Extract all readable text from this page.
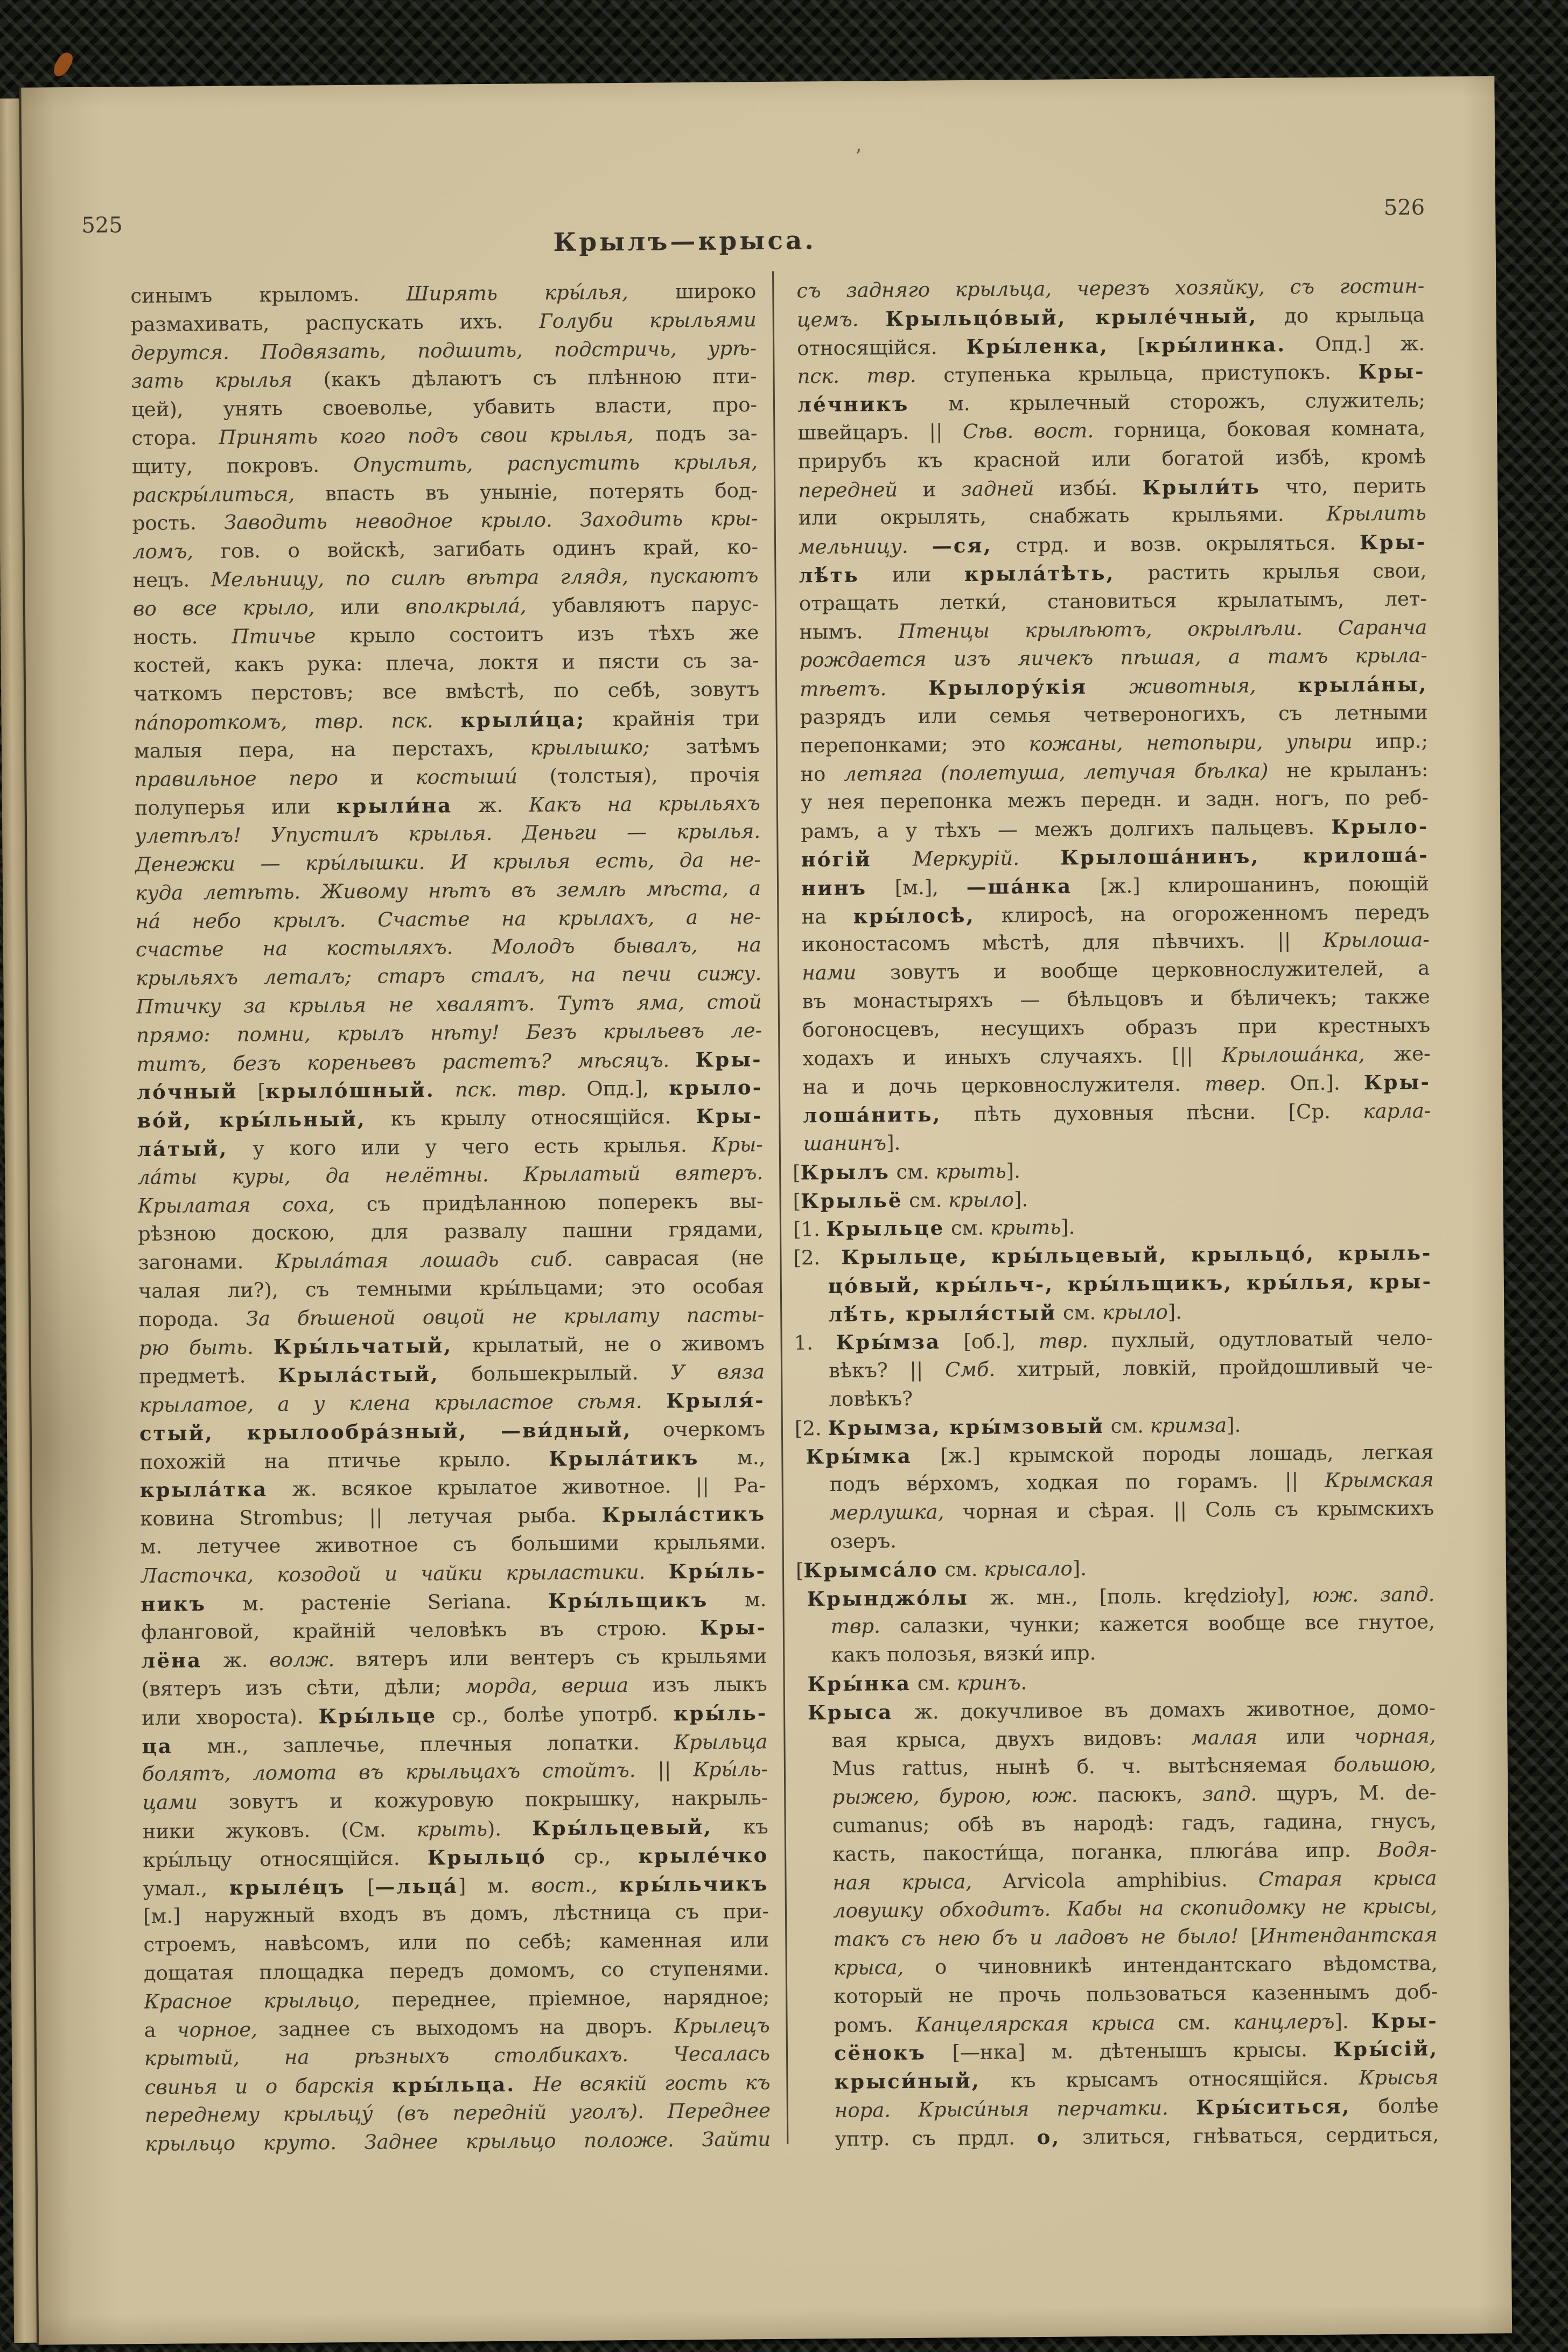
525
Крылъ—крыса.
526
’
синымъ крыломъ. Ширять кры́лья, широко
размахивать, распускать ихъ. Голуби крыльями
дерутся. Подвязать, подшить, подстричь, урѣ-
зать крылья (какъ дѣлаютъ съ плѣнною пти-
цей), унять своеволье, убавить власти, про-
стора. Принять кого подъ свои крылья, подъ за-
щиту, покровъ. Опустить, распустить крылья,
раскры́литься, впасть въ уныніе, потерять бод-
рость. Заводить неводное крыло. Заходить кры-
ломъ, гов. о войскѣ, загибать одинъ край, ко-
нецъ. Мельницу, по силѣ вѣтра глядя, пускаютъ
во все крыло, или вполкрыла́, убавляютъ парус-
ность. Птичье крыло состоитъ изъ тѣхъ же
костей, какъ рука: плеча, локтя и пясти съ за-
чаткомъ перстовъ; все вмѣстѣ, по себѣ, зовутъ
па́пороткомъ, твр. пск. крыли́ца; крайнія три
малыя пера, на перстахъ, крылышко; затѣмъ
правильное перо и костыши́ (толстыя), прочія
полуперья или крыли́на ж. Какъ на крыльяхъ
улетѣлъ! Упустилъ крылья. Деньги — крылья.
Денежки — кры́лышки. И крылья есть, да не-
куда летѣть. Живому нѣтъ въ землѣ мѣста, а
на́ небо крылъ. Счастье на крылахъ, а не-
счастье на костыляхъ. Молодъ бывалъ, на
крыльяхъ леталъ; старъ сталъ, на печи сижу.
Птичку за крылья не хвалятъ. Тутъ яма, стой
прямо: помни, крылъ нѣту! Безъ крыльевъ ле-
титъ, безъ кореньевъ растетъ? мѣсяцъ. Кры-
ло́чный [крыло́шный. пск. твр. Опд.], крыло-
во́й, кры́льный, къ крылу относящійся. Кры-
ла́тый, у кого или у чего есть крылья. Кры-
ла́ты куры, да нелётны. Крылатый вятеръ.
Крылатая соха, съ придѣланною поперекъ вы-
рѣзною доскою, для развалу пашни грядами,
загонами. Крыла́тая лошадь сиб. саврасая (не
чалая ли?), съ темными кры́льцами; это особая
порода. За бѣшеной овцой не крылату пасты-
рю быть. Кры́льчатый, крылатый, не о живомъ
предметѣ. Крыла́стый, большекрылый. У вяза
крылатое, а у клена крыластое сѣмя. Крыля́-
стый, крылообра́зный, —ви́дный, очеркомъ
похожій на птичье крыло. Крыла́тикъ м.,
крыла́тка ж. всякое крылатое животное. || Ра-
ковина Strombus; || летучая рыба. Крыла́стикъ
м. летучее животное съ большими крыльями.
Ласточка, козодой и чайки крыластики. Кры́ль-
никъ м. растеніе Seriana. Кры́льщикъ м.
фланговой, крайній человѣкъ въ строю. Кры-
лёна ж. волж. вятеръ или вентеръ съ крыльями
(вятеръ изъ сѣти, дѣли; морда, верша изъ лыкъ
или хвороста). Кры́льце ср., болѣе употрб. кры́ль-
ца мн., заплечье, плечныя лопатки. Крыльца
болятъ, ломота въ крыльцахъ стойтъ. || Кры́ль-
цами зовутъ и кожуровую покрышку, накрыль-
ники жуковъ. (См. крыть). Кры́льцевый, къ
кры́льцу относящійся. Крыльцо́ ср., крыле́чко
умал., крыле́цъ [—льца́] м. вост., кры́льчикъ
[м.] наружный входъ въ домъ, лѣстница съ при-
строемъ, навѣсомъ, или по себѣ; каменная или
дощатая площадка передъ домомъ, со ступенями.
Красное крыльцо, переднее, пріемное, нарядное;
а чорное, заднее съ выходомъ на дворъ. Крылецъ
крытый, на рѣзныхъ столбикахъ. Чесалась
свинья и о барскія кры́льца. Не всякій гость къ
переднему крыльцу́ (въ передній уголъ). Переднее
крыльцо круто. Заднее крыльцо положе. Зайти
съ задняго крыльца, черезъ хозяйку, съ гостин-
цемъ. Крыльцо́вый, крыле́чный, до крыльца
относящійся. Кры́ленка, [кры́линка. Опд.] ж.
пск. твр. ступенька крыльца, приступокъ. Кры-
ле́чникъ м. крылечный сторожъ, служитель;
швейцаръ. || Сѣв. вост. горница, боковая комната,
прирубъ къ красной или богатой избѣ, кромѣ
передней и задней избы́. Крыли́ть что, перить
или окрылять, снабжать крыльями. Крылить
мельницу. —ся, стрд. и возв. окрыляться. Кры-
лѣ́ть или крыла́тѣть, растить крылья свои,
отращать летки́, становиться крылатымъ, лет-
нымъ. Птенцы крылѣютъ, окрылѣли. Саранча
рождается изъ яичекъ пѣшая, а тамъ крыла-
тѣетъ. Крылору́кія животныя, крыла́ны,
разрядъ или семья четвероногихъ, съ летными
перепонками; это кожаны, нетопыри, упыри ипр.;
но летяга (полетуша, летучая бѣлка) не крыланъ:
у нея перепонка межъ передн. и задн. ногъ, по реб-
рамъ, а у тѣхъ — межъ долгихъ пальцевъ. Крыло-
но́гій Меркурій. Крылоша́нинъ, крилоша́-
нинъ [м.], —ша́нка [ж.] клирошанинъ, поющій
на кры́лосѣ, клиросѣ, на огороженномъ передъ
иконостасомъ мѣстѣ, для пѣвчихъ. || Крылоша-
нами зовутъ и вообще церковнослужителей, а
въ монастыряхъ — бѣльцовъ и бѣличекъ; также
богоносцевъ, несущихъ образъ при крестныхъ
ходахъ и иныхъ случаяхъ. [|| Крылоша́нка, же-
на и дочь церковнослужителя. твер. Оп.]. Кры-
лоша́нить, пѣть духовныя пѣсни. [Ср. карла-
шанинъ].
[Крылъ см. крыть].
[Крыльё см. крыло].
[1. Крыльце см. крыть].
[2. Крыльце, кры́льцевый, крыльцо́, крыль-
цо́вый, кры́льч-, кры́льщикъ, кры́лья, кры-
лѣ́ть, крыля́стый см. крыло].
1. Кры́мза [об.], твр. пухлый, одутловатый чело-
вѣкъ? || Смб. хитрый, ловкій, пройдошливый че-
ловѣкъ?
[2. Крымза, кры́мзовый см. кримза].
Кры́мка [ж.] крымской породы лошадь, легкая
подъ ве́рхомъ, ходкая по горамъ. || Крымская
мерлушка, чорная и сѣрая. || Соль съ крымскихъ
озеръ.
[Крымса́ло см. крысало].
Крынджо́лы ж. мн., [поль. krędzioły], юж. запд.
твр. салазки, чунки; кажется вообще все гнутое,
какъ полозья, вязки́ ипр.
Кры́нка см. кринъ.
Крыса ж. докучливое въ домахъ животное, домо-
вая крыса, двухъ видовъ: малая или чорная,
Mus rattus, нынѣ б. ч. вытѣсняемая большою,
рыжею, бурою, юж. пасюкъ, запд. щуръ, M. de-
cumanus; обѣ въ народѣ: гадъ, гадина, гнусъ,
касть, пакости́ща, поганка, плюга́ва ипр. Водя-
ная крыса, Arvicola amphibius. Старая крыса
ловушку обходитъ. Кабы на скопидомку не крысы,
такъ съ нею бъ и ладовъ не было! [Интендантская
крыса, о чиновникѣ интендантскаго вѣдомства,
который не прочь пользоваться казеннымъ доб-
ромъ. Канцелярская крыса см. канцлеръ]. Кры-
сёнокъ [—нка] м. дѣтенышъ крысы. Кры́сій,
крыси́ный, къ крысамъ относящійся. Крысья
нора. Крыси́ныя перчатки. Кры́ситься, болѣе
уптр. съ прдл. о, злиться, гнѣваться, сердиться,
